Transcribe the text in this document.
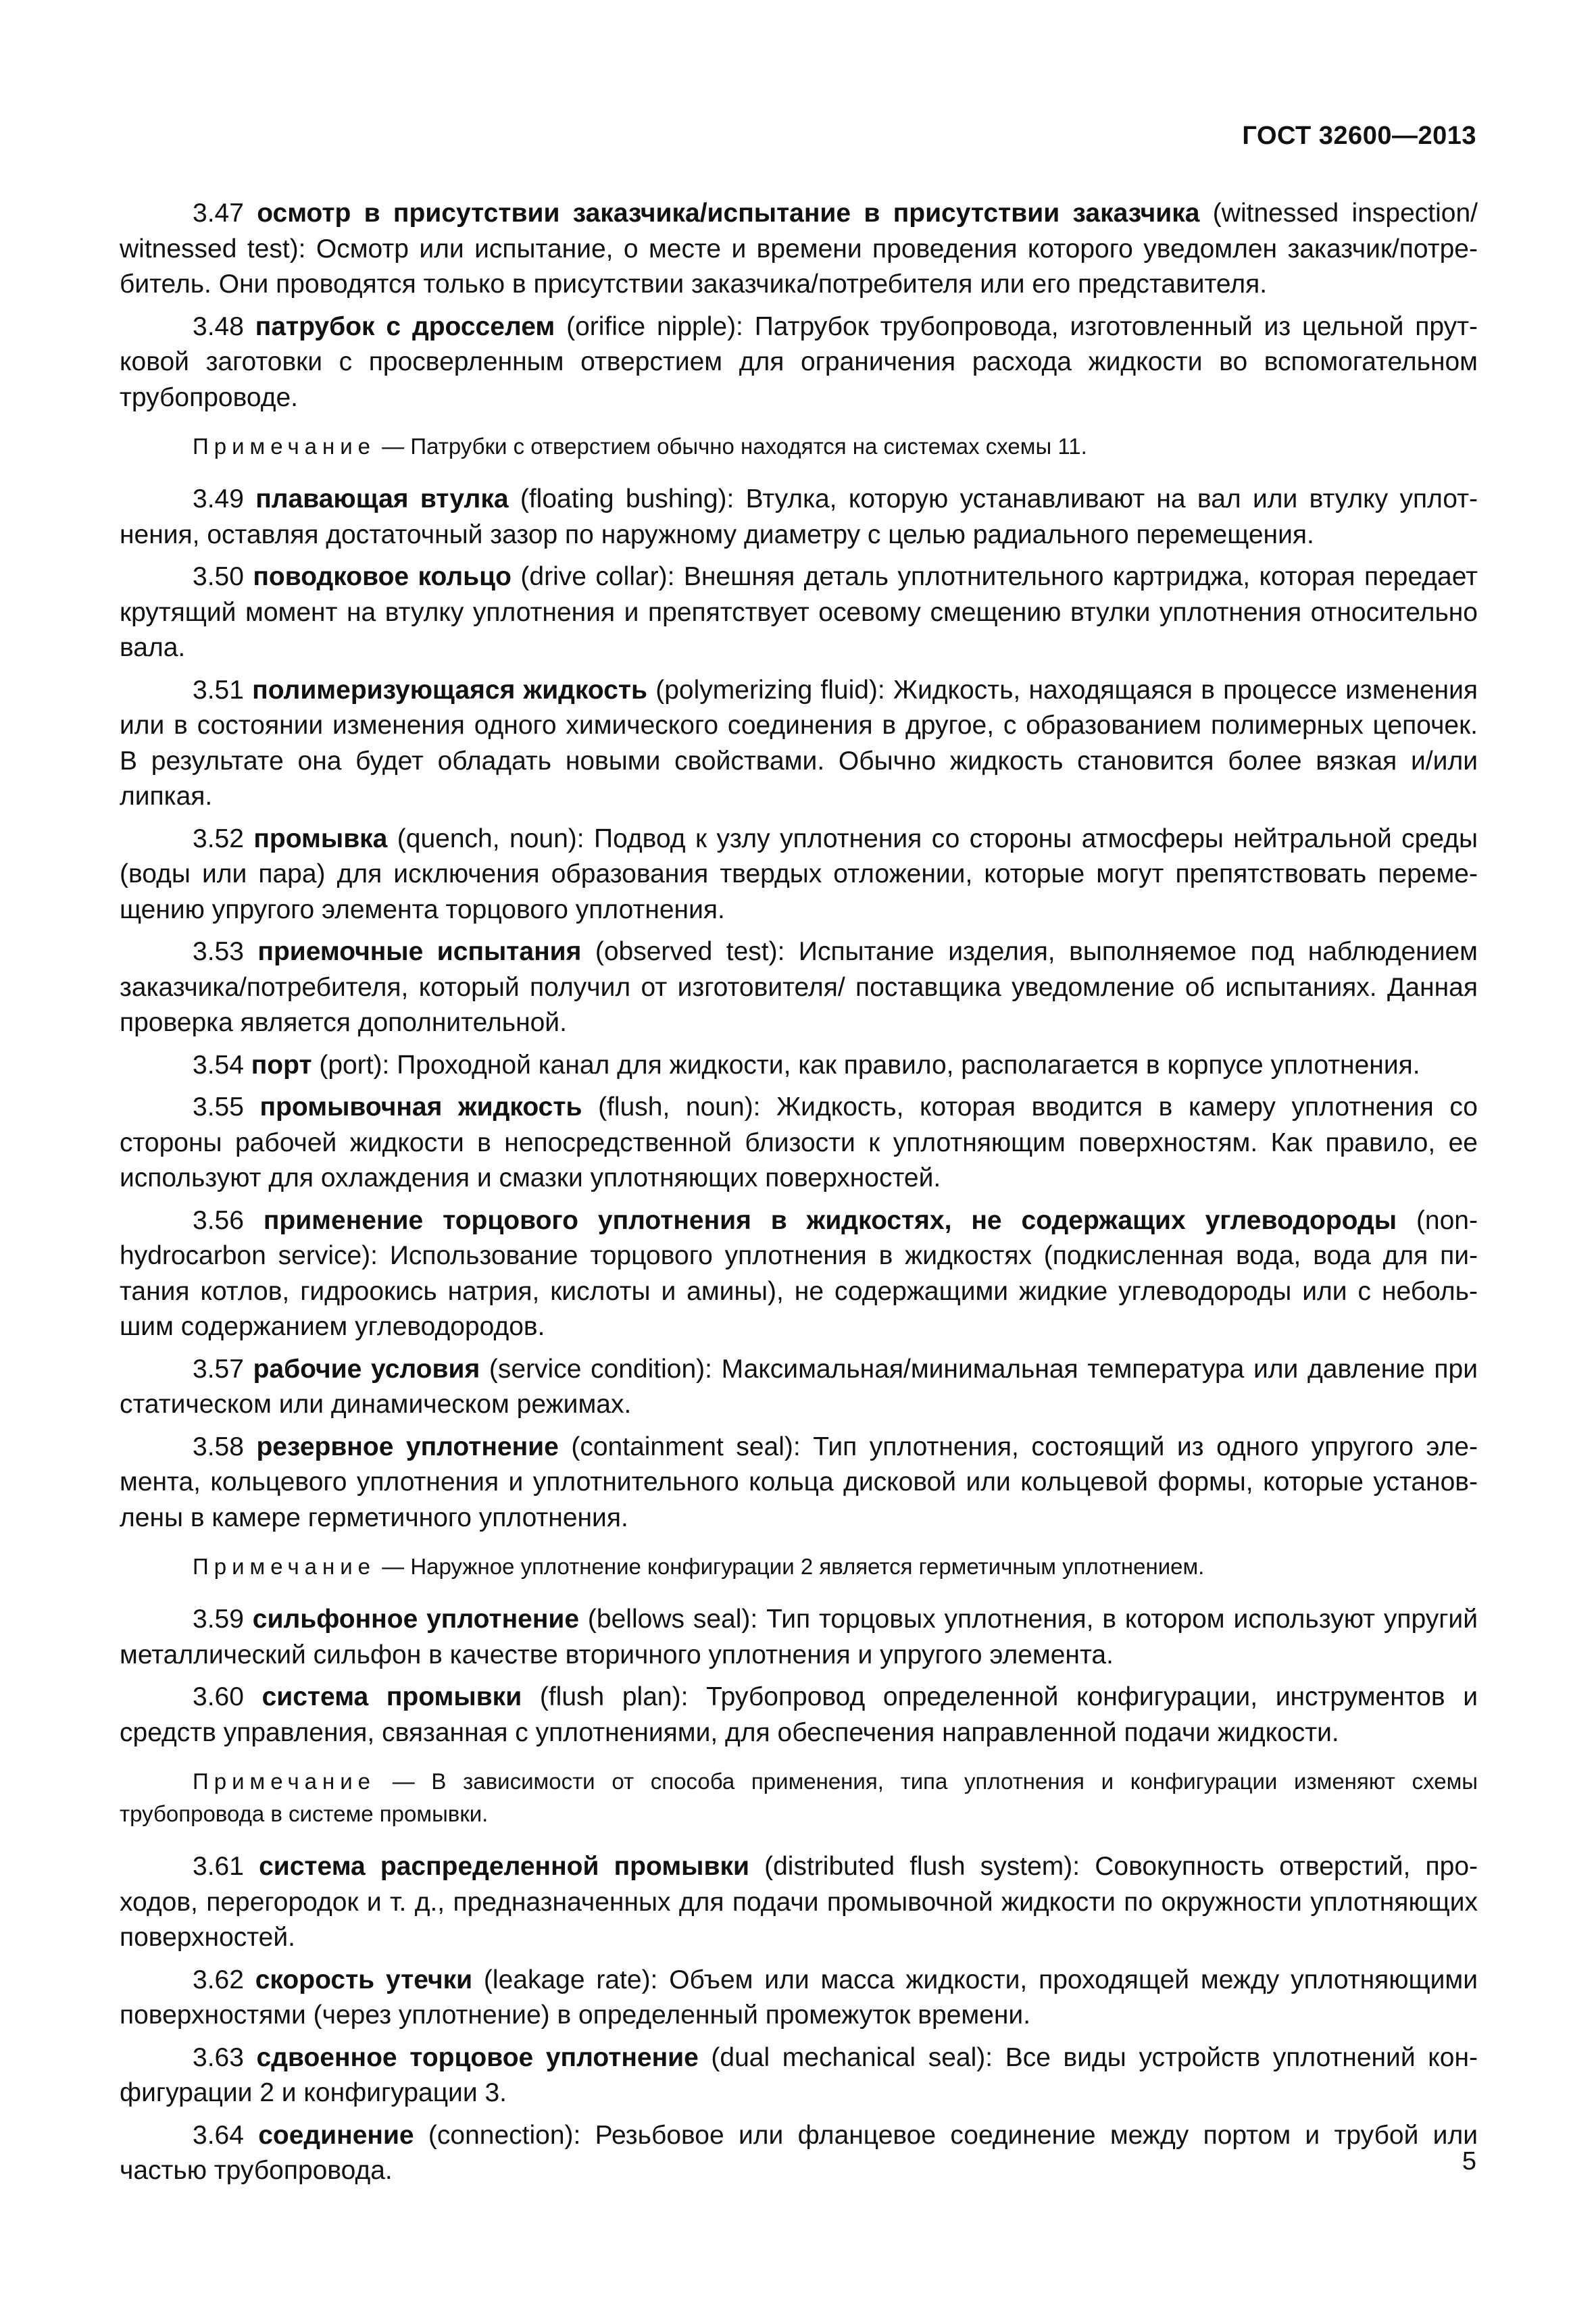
ГОСТ 32600—2013

3.47 осмотр в присутствии заказчика/испытание в присутствии заказчика (witnessed inspection/ witnessed test): Осмотр или испытание, о месте и времени проведения которого уведомлен заказчик/потребитель. Они проводятся только в присутствии заказчика/потребителя или его представителя.

3.48 патрубок с дросселем (orifice nipple): Патрубок трубопровода, изготовленный из цельной прутковой заготовки с просверленным отверстием для ограничения расхода жидкости во вспомогательном трубопроводе.

Примечание — Патрубки с отверстием обычно находятся на системах схемы 11.

3.49 плавающая втулка (floating bushing): Втулка, которую устанавливают на вал или втулку уплотнения, оставляя достаточный зазор по наружному диаметру с целью радиального перемещения.

3.50 поводковое кольцо (drive collar): Внешняя деталь уплотнительного картриджа, которая передает крутящий момент на втулку уплотнения и препятствует осевому смещению втулки уплотнения относительно вала.

3.51 полимеризующаяся жидкость (polymerizing fluid): Жидкость, находящаяся в процессе изменения или в состоянии изменения одного химического соединения в другое, с образованием полимерных цепочек. В результате она будет обладать новыми свойствами. Обычно жидкость становится более вязкая и/или липкая.

3.52 промывка (quench, noun): Подвод к узлу уплотнения со стороны атмосферы нейтральной среды (воды или пара) для исключения образования твердых отложении, которые могут препятствовать перемещению упругого элемента торцового уплотнения.

3.53 приемочные испытания (observed test): Испытание изделия, выполняемое под наблюдением заказчика/потребителя, который получил от изготовителя/ поставщика уведомление об испытаниях. Данная проверка является дополнительной.

3.54 порт (port): Проходной канал для жидкости, как правило, располагается в корпусе уплотнения.

3.55 промывочная жидкость (flush, noun): Жидкость, которая вводится в камеру уплотнения со стороны рабочей жидкости в непосредственной близости к уплотняющим поверхностям. Как правило, ее используют для охлаждения и смазки уплотняющих поверхностей.

3.56 применение торцового уплотнения в жидкостях, не содержащих углеводороды (non-hydrocarbon service): Использование торцового уплотнения в жидкостях (подкисленная вода, вода для питания котлов, гидроокись натрия, кислоты и амины), не содержащими жидкие углеводороды или с небольшим содержанием углеводородов.

3.57 рабочие условия (service condition): Максимальная/минимальная температура или давление при статическом или динамическом режимах.

3.58 резервное уплотнение (containment seal): Тип уплотнения, состоящий из одного упругого элемента, кольцевого уплотнения и уплотнительного кольца дисковой или кольцевой формы, которые установлены в камере герметичного уплотнения.

Примечание — Наружное уплотнение конфигурации 2 является герметичным уплотнением.

3.59 сильфонное уплотнение (bellows seal): Тип торцовых уплотнения, в котором используют упругий металлический сильфон в качестве вторичного уплотнения и упругого элемента.

3.60 система промывки (flush plan): Трубопровод определенной конфигурации, инструментов и средств управления, связанная с уплотнениями, для обеспечения направленной подачи жидкости.

Примечание — В зависимости от способа применения, типа уплотнения и конфигурации изменяют схемы трубопровода в системе промывки.

3.61 система распределенной промывки (distributed flush system): Совокупность отверстий, проходов, перегородок и т. д., предназначенных для подачи промывочной жидкости по окружности уплотняющих поверхностей.

3.62 скорость утечки (leakage rate): Объем или масса жидкости, проходящей между уплотняющими поверхностями (через уплотнение) в определенный промежуток времени.

3.63 сдвоенное торцовое уплотнение (dual mechanical seal): Все виды устройств уплотнений конфигурации 2 и конфигурации 3.

3.64 соединение (connection): Резьбовое или фланцевое соединение между портом и трубой или частью трубопровода.	5
